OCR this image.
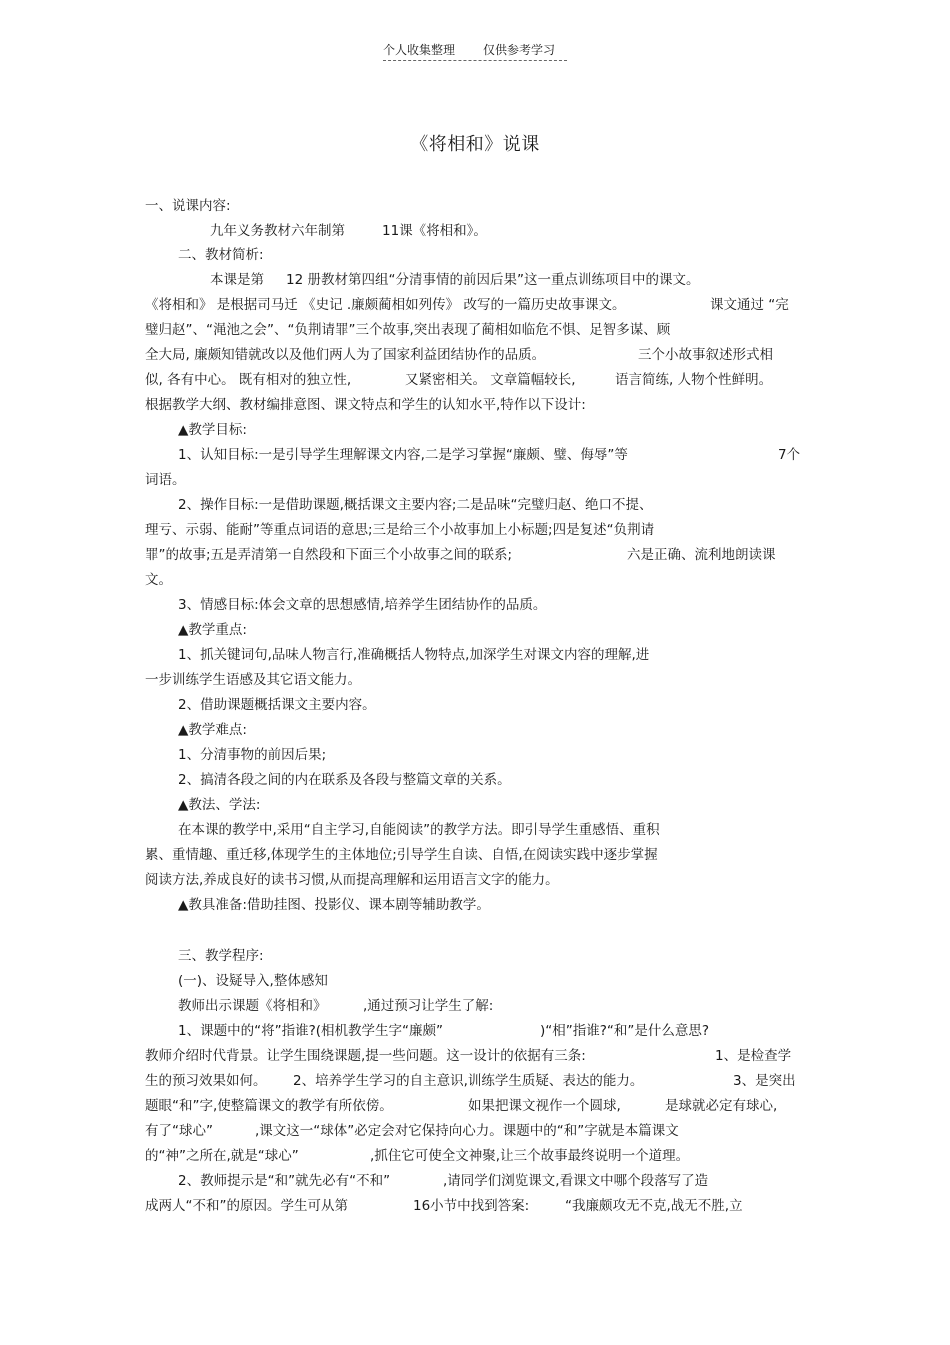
个人收集整理 仅供参考学习
《将相和》说课
一、说课内容:
九年义务教材六年制第	11课《将相和》。
二、教材简析:
本课是第 12 册教材第四组“分清事情的前因后果”这一重点训练项目中的课文。
《将相和》 是根据司马迁 《史记 .廉颇蔺相如列传》 改写的一篇历史故事课文。	课文通过 “完
璧归赵”、“渑池之会”、“负荆请罪”三个故事,突出表现了蔺相如临危不惧、足智多谋、顾
全大局, 廉颇知错就改以及他们两人为了国家利益团结协作的品质。	三个小故事叙述形式相
似, 各有中心。 既有相对的独立性,	又紧密相关。 文章篇幅较长,	语言简练, 人物个性鲜明。
根据教学大纲、教材编排意图、课文特点和学生的认知水平,特作以下设计:
▲教学目标:
1、认知目标:一是引导学生理解课文内容,二是学习掌握“廉颇、璧、侮辱”等	7个
词语。
2、操作目标:一是借助课题,概括课文主要内容;二是品味“完璧归赵、绝口不提、
理亏、示弱、能耐”等重点词语的意思;三是给三个小故事加上小标题;四是复述“负荆请
罪”的故事;五是弄清第一自然段和下面三个小故事之间的联系;	六是正确、流利地朗读课
文。
3、情感目标:体会文章的思想感情,培养学生团结协作的品质。
▲教学重点:
1、抓关键词句,品味人物言行,准确概括人物特点,加深学生对课文内容的理解,进
一步训练学生语感及其它语文能力。
2、借助课题概括课文主要内容。
▲教学难点:
1、分清事物的前因后果;
2、搞清各段之间的内在联系及各段与整篇文章的关系。
▲教法、学法:
在本课的教学中,采用“自主学习,自能阅读”的教学方法。即引导学生重感悟、重积
累、重情趣、重迁移,体现学生的主体地位;引导学生自读、自悟,在阅读实践中逐步掌握
阅读方法,养成良好的读书习惯,从而提高理解和运用语言文字的能力。
▲教具准备:借助挂图、投影仪、课本剧等辅助教学。
三、教学程序:
(一)、设疑导入,整体感知
教师出示课题《将相和》	,通过预习让学生了解:
1、课题中的“将”指谁?(相机教学生字“廉颇”	)“相”指谁?“和”是什么意思?
教师介绍时代背景。让学生围绕课题,提一些问题。这一设计的依据有三条:	1、是检查学
生的预习效果如何。 2、培养学生学习的自主意识,训练学生质疑、表达的能力。	3、是突出
题眼“和”字,使整篇课文的教学有所依傍。	如果把课文视作一个圆球,	是球就必定有球心,
有了“球心”	,课文这一“球体”必定会对它保持向心力。课题中的“和”字就是本篇课文
的“神”之所在,就是“球心”	,抓住它可使全文神聚,让三个故事最终说明一个道理。
2、教师提示是“和”就先必有“不和”	,请同学们浏览课文,看课文中哪个段落写了造
成两人“不和”的原因。学生可从第	16小节中找到答案:	“我廉颇攻无不克,战无不胜,立
